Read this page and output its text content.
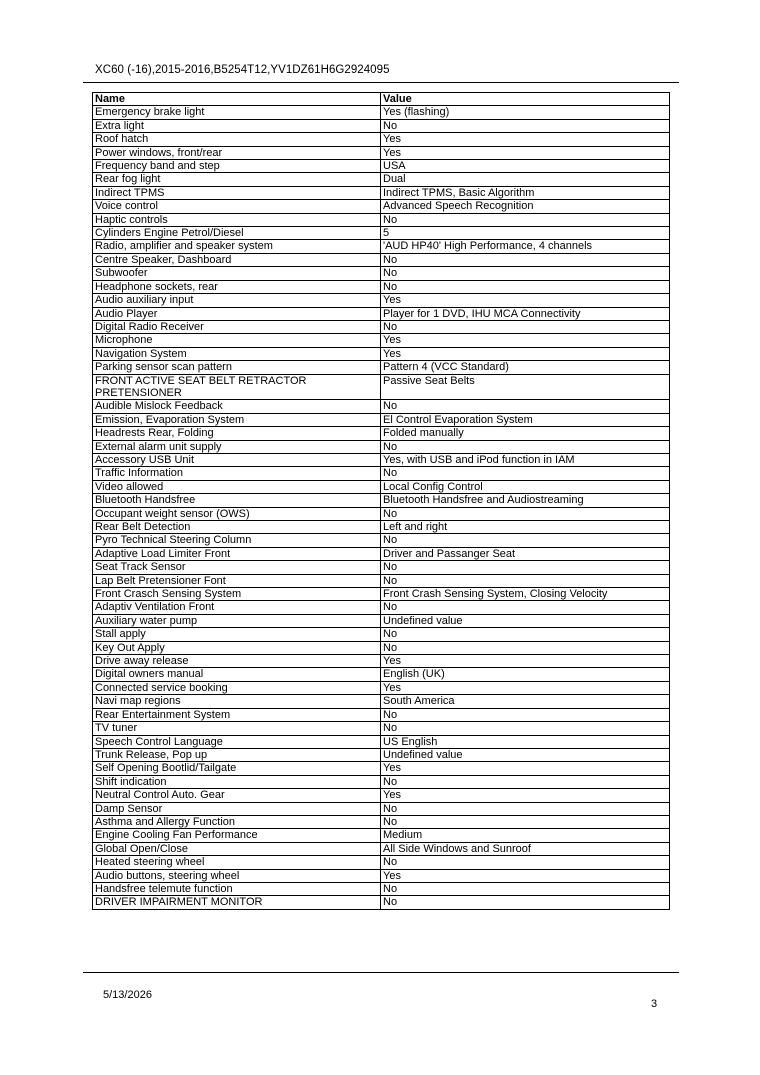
XC60 (-16),2015-2016,B5254T12,YV1DZ61H6G2924095
Name	Value
Emergency brake light	Yes (flashing)
Extra light	No
Roof hatch	Yes
Power windows, front/rear	Yes
Frequency band and step	USA
Rear fog light	Dual
Indirect TPMS	Indirect TPMS, Basic Algorithm
Voice control	Advanced Speech Recognition
Haptic controls	No
Cylinders Engine Petrol/Diesel	5
Radio, amplifier and speaker system	'AUD HP40' High Performance, 4 channels
Centre Speaker, Dashboard	No
Subwoofer	No
Headphone sockets, rear	No
Audio auxiliary input	Yes
Audio Player	Player for 1 DVD, IHU MCA Connectivity
Digital Radio Receiver	No
Microphone	Yes
Navigation System	Yes
Parking sensor scan pattern	Pattern 4 (VCC Standard)
FRONT ACTIVE SEAT BELT RETRACTOR PRETENSIONER	Passive Seat Belts
Audible Mislock Feedback	No
Emission, Evaporation System	El Control Evaporation System
Headrests Rear, Folding	Folded manually
External alarm unit supply	No
Accessory USB Unit	Yes, with USB and iPod function in IAM
Traffic Information	No
Video allowed	Local Config Control
Bluetooth Handsfree	Bluetooth Handsfree and Audiostreaming
Occupant weight sensor (OWS)	No
Rear Belt Detection	Left and right
Pyro Technical Steering Column	No
Adaptive Load Limiter Front	Driver and Passanger Seat
Seat Track Sensor	No
Lap Belt Pretensioner Font	No
Front Crasch Sensing System	Front Crash Sensing System, Closing Velocity
Adaptiv Ventilation Front	No
Auxiliary water pump	Undefined value
Stall apply	No
Key Out Apply	No
Drive away release	Yes
Digital owners manual	English (UK)
Connected service booking	Yes
Navi map regions	South America
Rear Entertainment System	No
TV tuner	No
Speech Control Language	US English
Trunk Release, Pop up	Undefined value
Self Opening Bootlid/Tailgate	Yes
Shift indication	No
Neutral Control Auto. Gear	Yes
Damp Sensor	No
Asthma and Allergy Function	No
Engine Cooling Fan Performance	Medium
Global Open/Close	All Side Windows and Sunroof
Heated steering wheel	No
Audio buttons, steering wheel	Yes
Handsfree telemute function	No
DRIVER IMPAIRMENT MONITOR	No
5/13/2026
3
